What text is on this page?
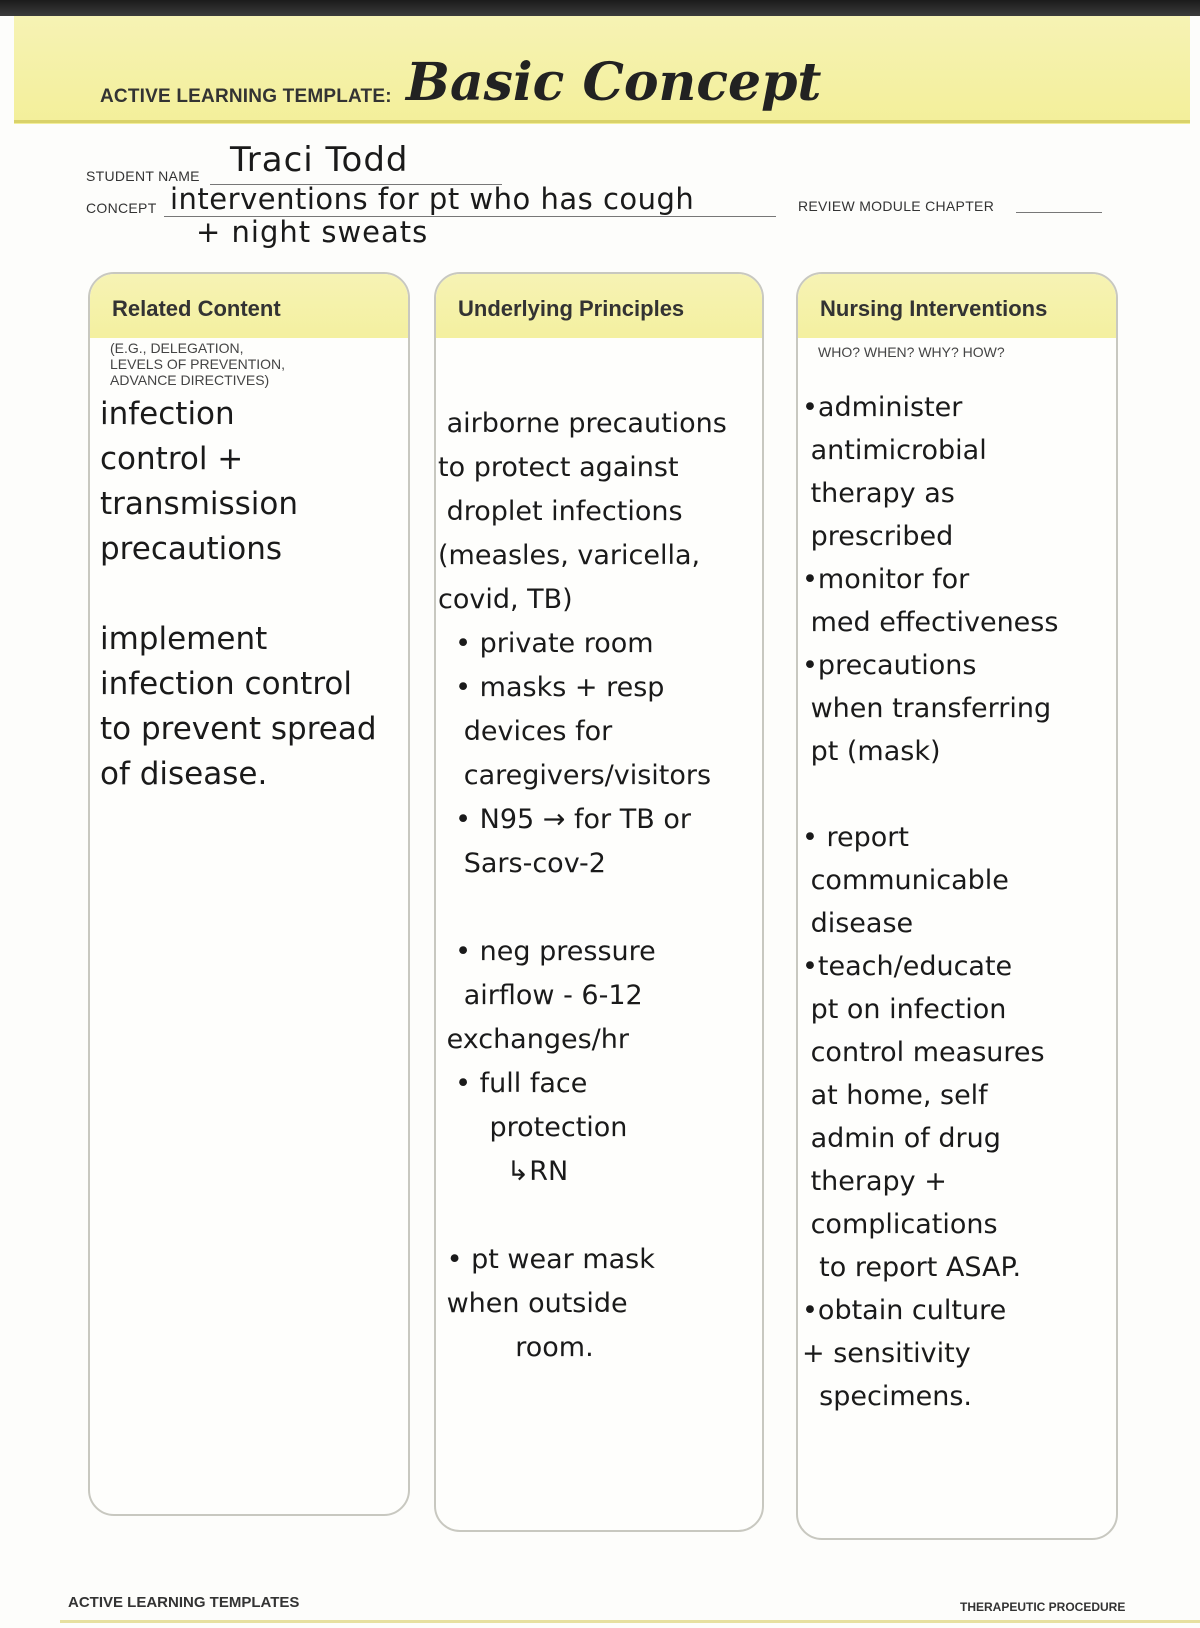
ACTIVE LEARNING TEMPLATE: Basic Concept
STUDENT NAME Traci Todd
CONCEPT interventions for pt who has cough
+ night sweats
REVIEW MODULE CHAPTER
Related Content
(E.G., DELEGATION,
LEVELS OF PREVENTION,
ADVANCE DIRECTIVES)
infection
control +
transmission
precautions

implement
infection control
to prevent spread
of disease.
Underlying Principles
airborne precautions
to protect against
droplet infections
(measles, varicella,
covid, TB)
• private room
• masks + resp
devices for
caregivers/visitors
• N95 → for TB or
Sars-cov-2

• neg pressure
airflow - 6-12
exchanges/hr
• full face
protection
↳RN

• pt wear mask
when outside
room.
Nursing Interventions
WHO? WHEN? WHY? HOW?
•administer
antimicrobial
therapy as
prescribed
•monitor for
med effectiveness
•precautions
when transferring
pt (mask)

• report
communicable
disease
•teach/educate
pt on infection
control measures
at home, self
admin of drug
therapy +
complications
to report ASAP.
•obtain culture
+ sensitivity
specimens.
ACTIVE LEARNING TEMPLATES	THERAPEUTIC PROCEDURE
